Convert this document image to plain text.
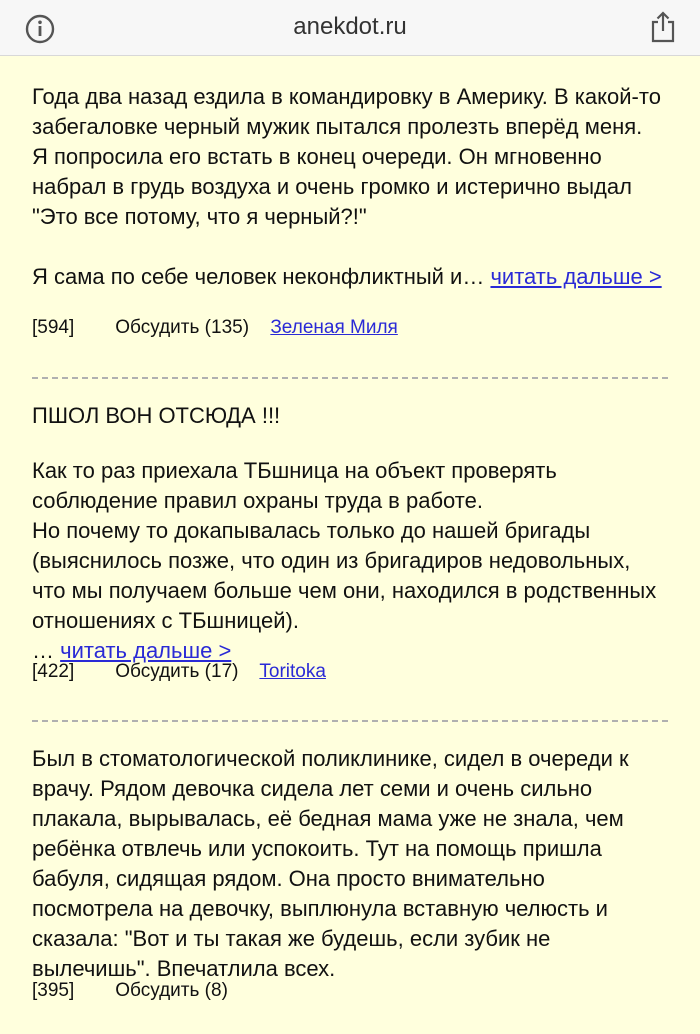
anekdot.ru
Года два назад ездила в командировку в Америку. В какой-то забегаловке черный мужик пытался пролезть вперёд меня. Я попросила его встать в конец очереди. Он мгновенно набрал в грудь воздуха и очень громко и истерично выдал "Это все потому, что я черный?!"

Я сама по себе человек неконфликтный и… читать дальше >
[594] Обсудить (135) Зеленая Миля
ПШОЛ ВОН ОТСЮДА !!!
Как то раз приехала ТБшница на объект проверять соблюдение правил охраны труда в работе.
Но почему то докапывалась только до нашей бригады (выяснилось позже, что один из бригадиров недовольных, что мы получаем больше чем они, находился в родственных отношениях с ТБшницей).
… читать дальше >
[422] Обсудить (17) Toritoka
Был в стоматологической поликлинике, сидел в очереди к врачу. Рядом девочка сидела лет семи и очень сильно плакала, вырывалась, её бедная мама уже не знала, чем ребёнка отвлечь или успокоить. Тут на помощь пришла бабуля, сидящая рядом. Она просто внимательно посмотрела на девочку, выплюнула вставную челюсть и сказала: "Вот и ты такая же будешь, если зубик не вылечишь". Впечатлила всех.
[395] Обсудить (8)
